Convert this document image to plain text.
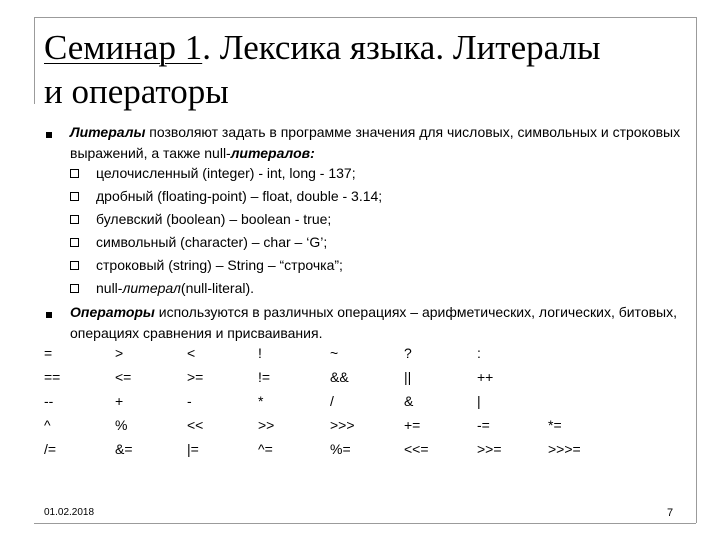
Семинар 1. Лексика языка. Литералы
и операторы
Литералы позволяют задать в программе значения для числовых, символьных и строковых выражений, а также null-литералов:
целочисленный (integer) - int, long - 137;
дробный (floating-point) – float, double - 3.14;
булевский (boolean) – boolean - true;
символьный (character) – char – ‘G’;
строковый (string) – String – “строчка”;
null- литерал (null-literal).
Операторы используются в различных операциях – арифметических, логических, битовых, операциях сравнения и присваивания.
=	>	<	!	~	?	:
==	<=	>=	!=	&&	||	++
--	+	-	*	/	&	|
^	%	<<	>>	>>>	+=	-=	*=
/=	&=	|=	^=	%=	<<=	>>=	>>>=
01.02.2018	7
